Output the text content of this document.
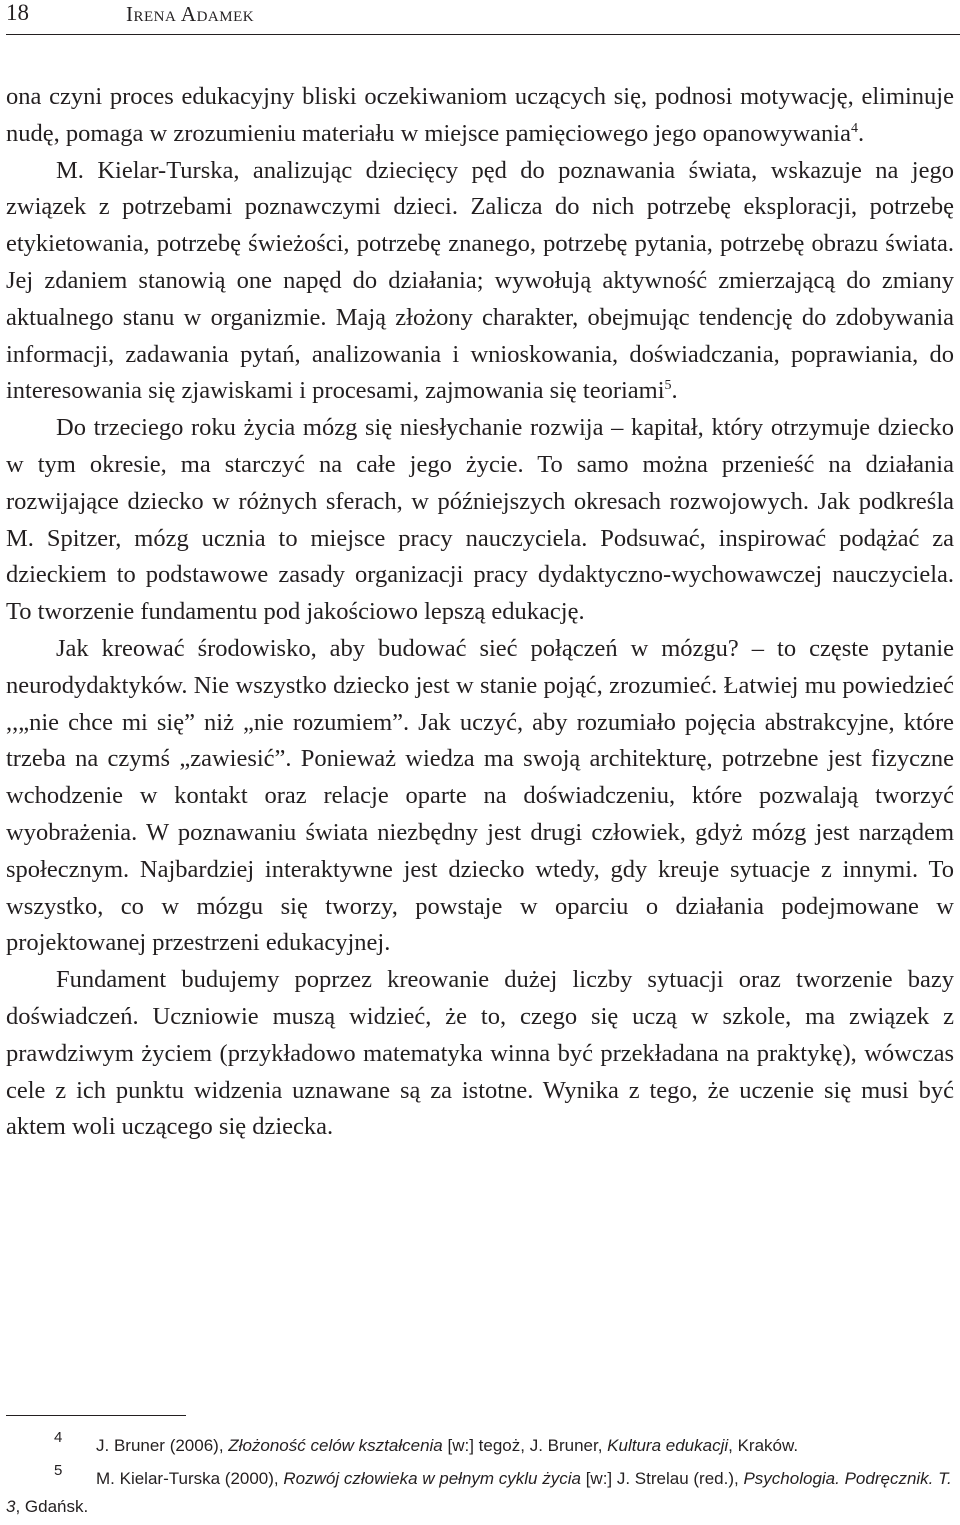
18	Irena Adamek

ona czyni proces edukacyjny bliski oczekiwaniom uczących się, podnosi motywację, eliminuje nudę, pomaga w zrozumieniu materiału w miejsce pamięciowego jego opanowywania$^4$.

M. Kielar-Turska, analizując dziecięcy pęd do poznawania świata, wskazuje na jego związek z potrzebami poznawczymi dzieci. Zalicza do nich potrzebę eksploracji, potrzebę etykietowania, potrzebę świeżości, potrzebę znanego, potrzebę pytania, potrzebę obrazu świata. Jej zdaniem stanowią one napęd do działania; wywołują aktywność zmierzającą do zmiany aktualnego stanu w organizmie. Mają złożony charakter, obejmując tendencję do zdobywania informacji, zadawania pytań, analizowania i wnioskowania, doświadczania, poprawiania, do interesowania się zjawiskami i procesami, zajmowania się teoriami$^5$.

Do trzeciego roku życia mózg się niesłychanie rozwija – kapitał, który otrzymuje dziecko w tym okresie, ma starczyć na całe jego życie. To samo można przenieść na działania rozwijające dziecko w różnych sferach, w późniejszych okresach rozwojowych. Jak podkreśla M. Spitzer, mózg ucznia to miejsce pracy nauczyciela. Podsuwać, inspirować podążać za dzieckiem to podstawowe zasady organizacji pracy dydaktyczno-wychowawczej nauczyciela. To tworzenie fundamentu pod jakościowo lepszą edukację.

Jak kreować środowisko, aby budować sieć połączeń w mózgu? – to częste pytanie neurodydaktyków. Nie wszystko dziecko jest w stanie pojąć, zrozumieć. Łatwiej mu powiedzieć ,,„nie chce mi się” niż „nie rozumiem”. Jak uczyć, aby rozumiało pojęcia abstrakcyjne, które trzeba na czymś „zawiesić”. Ponieważ wiedza ma swoją architekturę, potrzebne jest fizyczne wchodzenie w kontakt oraz relacje oparte na doświadczeniu, które pozwalają tworzyć wyobrażenia. W poznawaniu świata niezbędny jest drugi człowiek, gdyż mózg jest narządem społecznym. Najbardziej interaktywne jest dziecko wtedy, gdy kreuje sytuacje z innymi. To wszystko, co w mózgu się tworzy, powstaje w oparciu o działania podejmowane w projektowanej przestrzeni edukacyjnej.

Fundament budujemy poprzez kreowanie dużej liczby sytuacji oraz tworzenie bazy doświadczeń. Uczniowie muszą widzieć, że to, czego się uczą w szkole, ma związek z prawdziwym życiem (przykładowo matematyka winna być przekładana na praktykę), wówczas cele z ich punktu widzenia uznawane są za istotne. Wynika z tego, że uczenie się musi być aktem woli uczącego się dziecka.

4 J. Bruner (2006), Złożoność celów kształcenia [w:] tegoż, J. Bruner, Kultura edukacji, Kraków.

5 M. Kielar-Turska (2000), Rozwój człowieka w pełnym cyklu życia [w:] J. Strelau (red.), Psychologia. Podręcznik. T. 3, Gdańsk.
